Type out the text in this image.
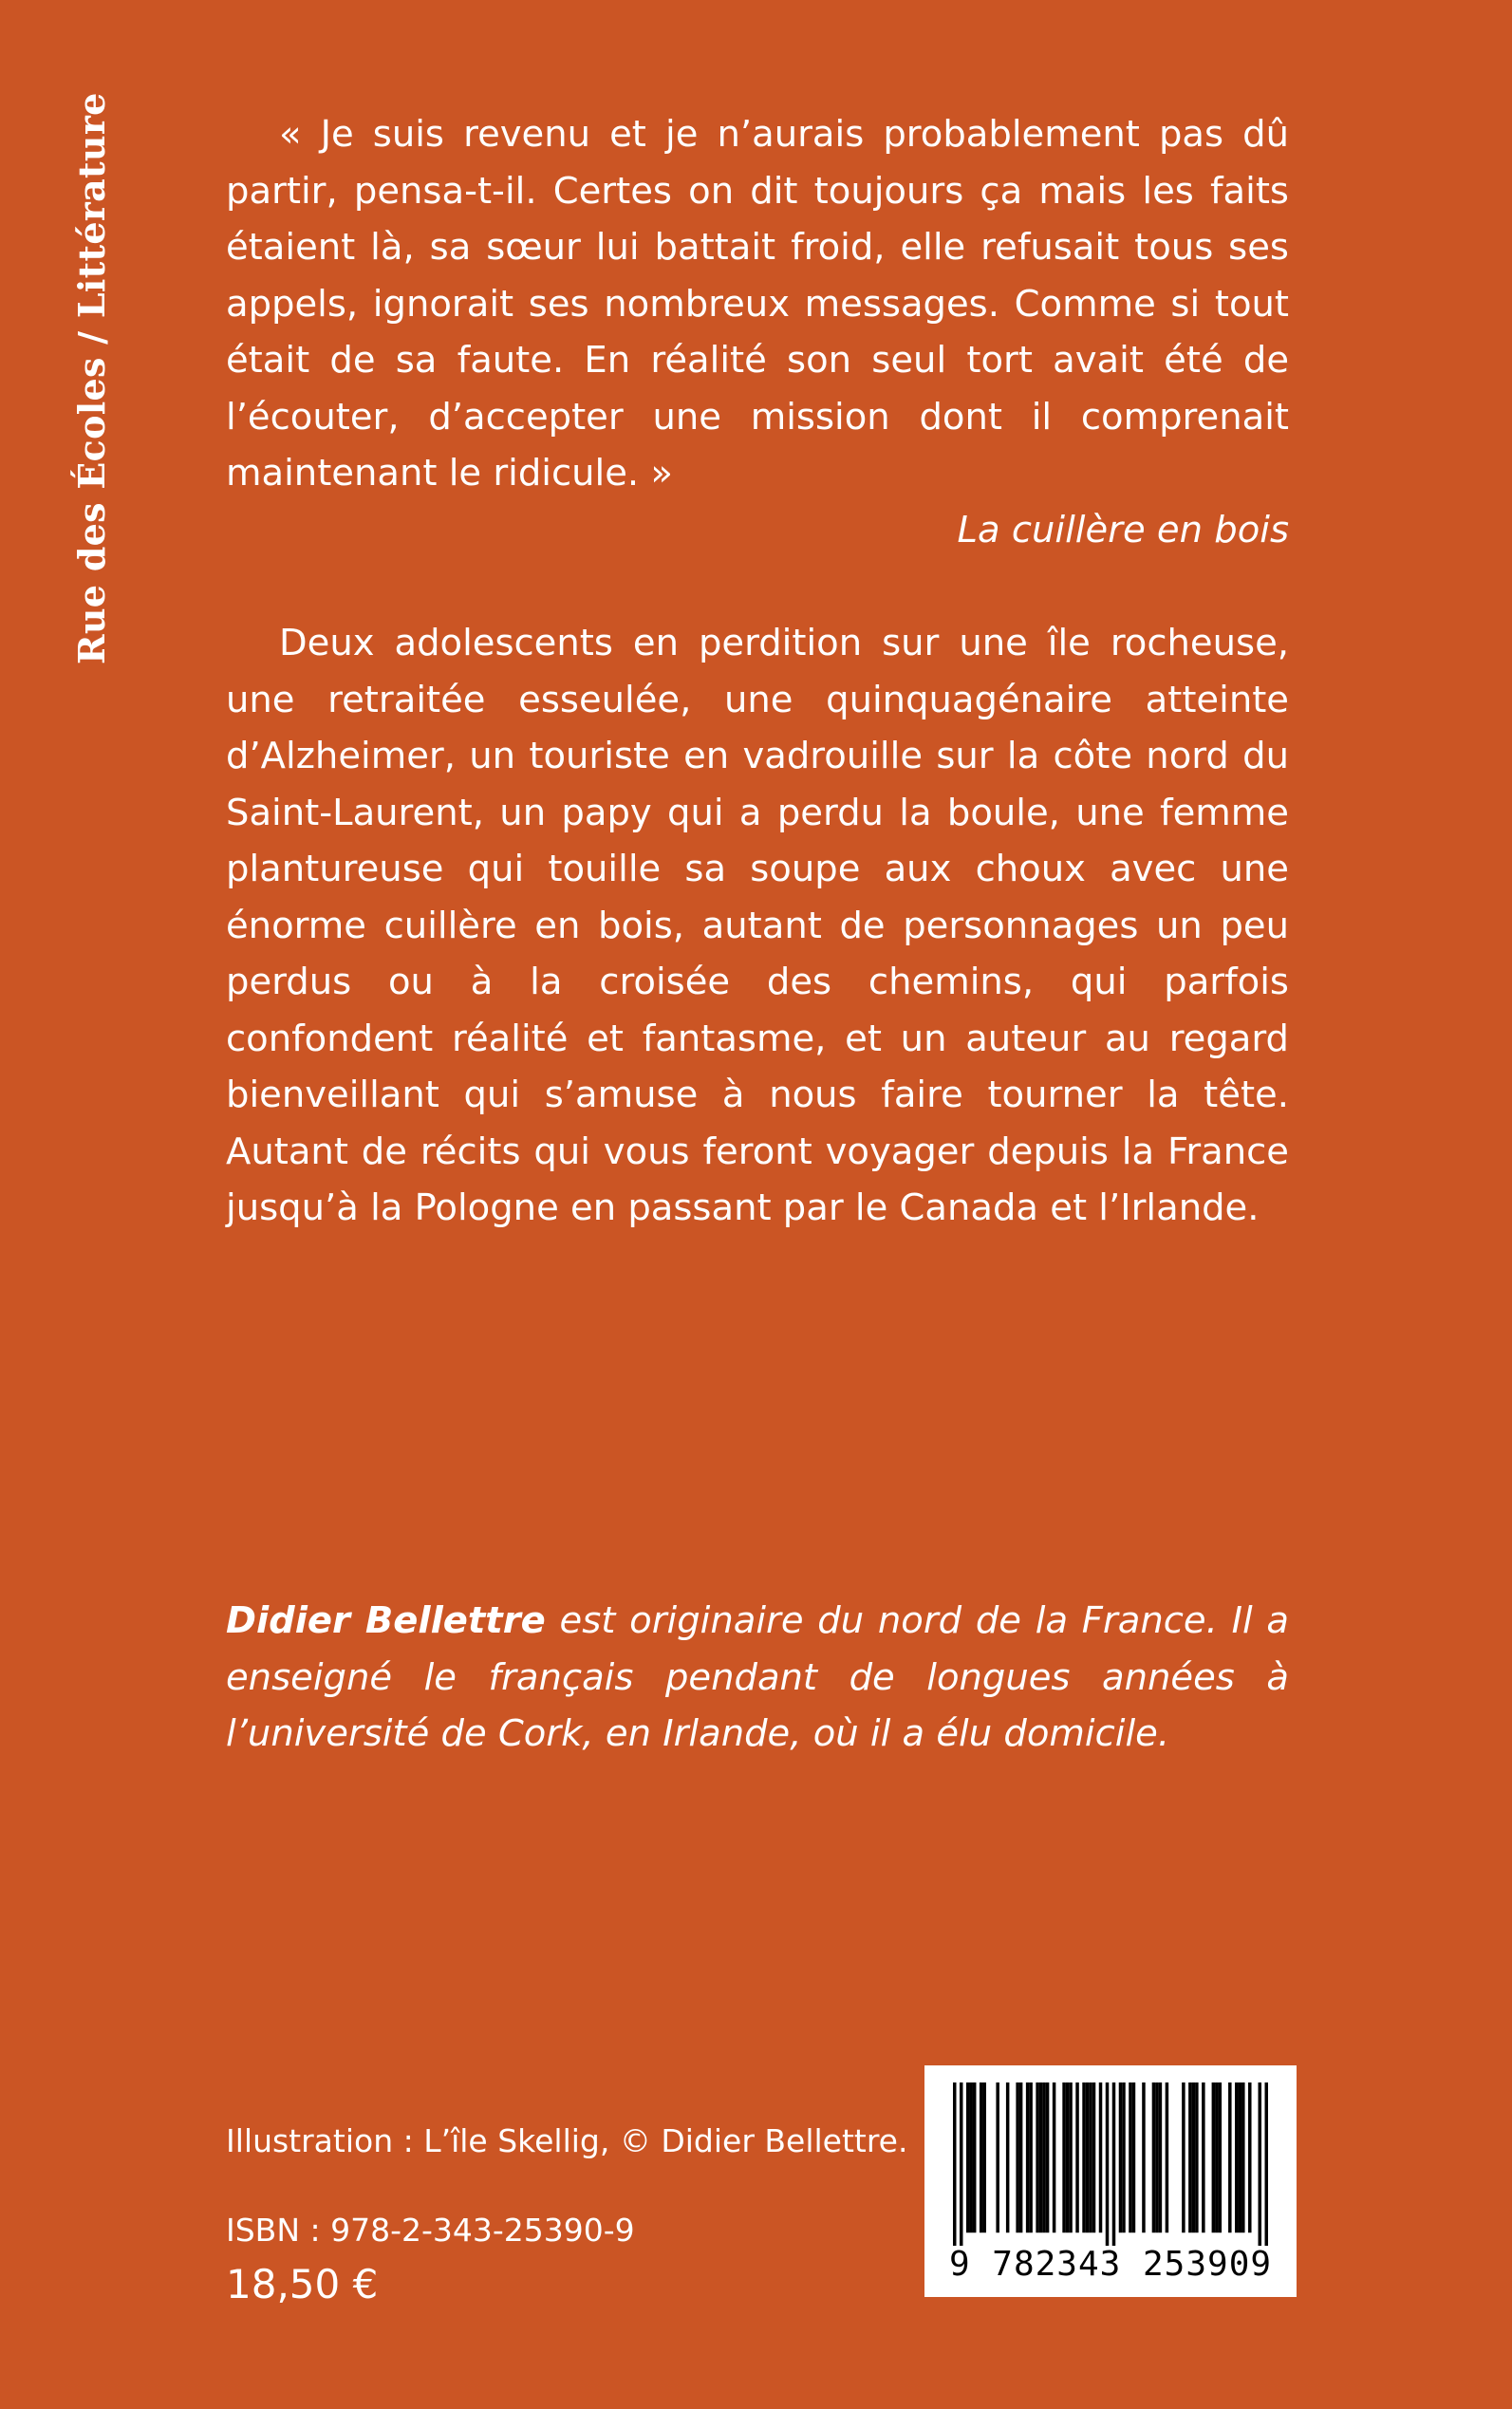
Rue des Écoles / Littérature	« Je suis revenu et je n’aurais probablement pas dû partir, pensa-t-il. Certes on dit toujours ça mais les faits étaient là, sa sœur lui battait froid, elle refusait tous ses appels, ignorait ses nombreux messages. Comme si tout était de sa faute. En réalité son seul tort avait été de l’écouter, d’accepter une mission dont il comprenait maintenant le ridicule. »

La cuillère en bois

Deux adolescents en perdition sur une île rocheuse, une retraitée esseulée, une quinquagénaire atteinte d’Alzheimer, un touriste en vadrouille sur la côte nord du Saint-Laurent, un papy qui a perdu la boule, une femme plantureuse qui touille sa soupe aux choux avec une énorme cuillère en bois, autant de personnages un peu perdus ou à la croisée des chemins, qui parfois confondent réalité et fantasme, et un auteur au regard bienveillant qui s’amuse à nous faire tourner la tête. Autant de récits qui vous feront voyager depuis la France jusqu’à la Pologne en passant par le Canada et l’Irlande.

Didier Bellettre est originaire du nord de la France. Il a enseigné le français pendant de longues années à l’université de Cork, en Irlande, où il a élu domicile.

Illustration : L’île Skellig, © Didier Bellettre.
ISBN : 978-2-343-25390-9
18,50 €	9 782343 253909
